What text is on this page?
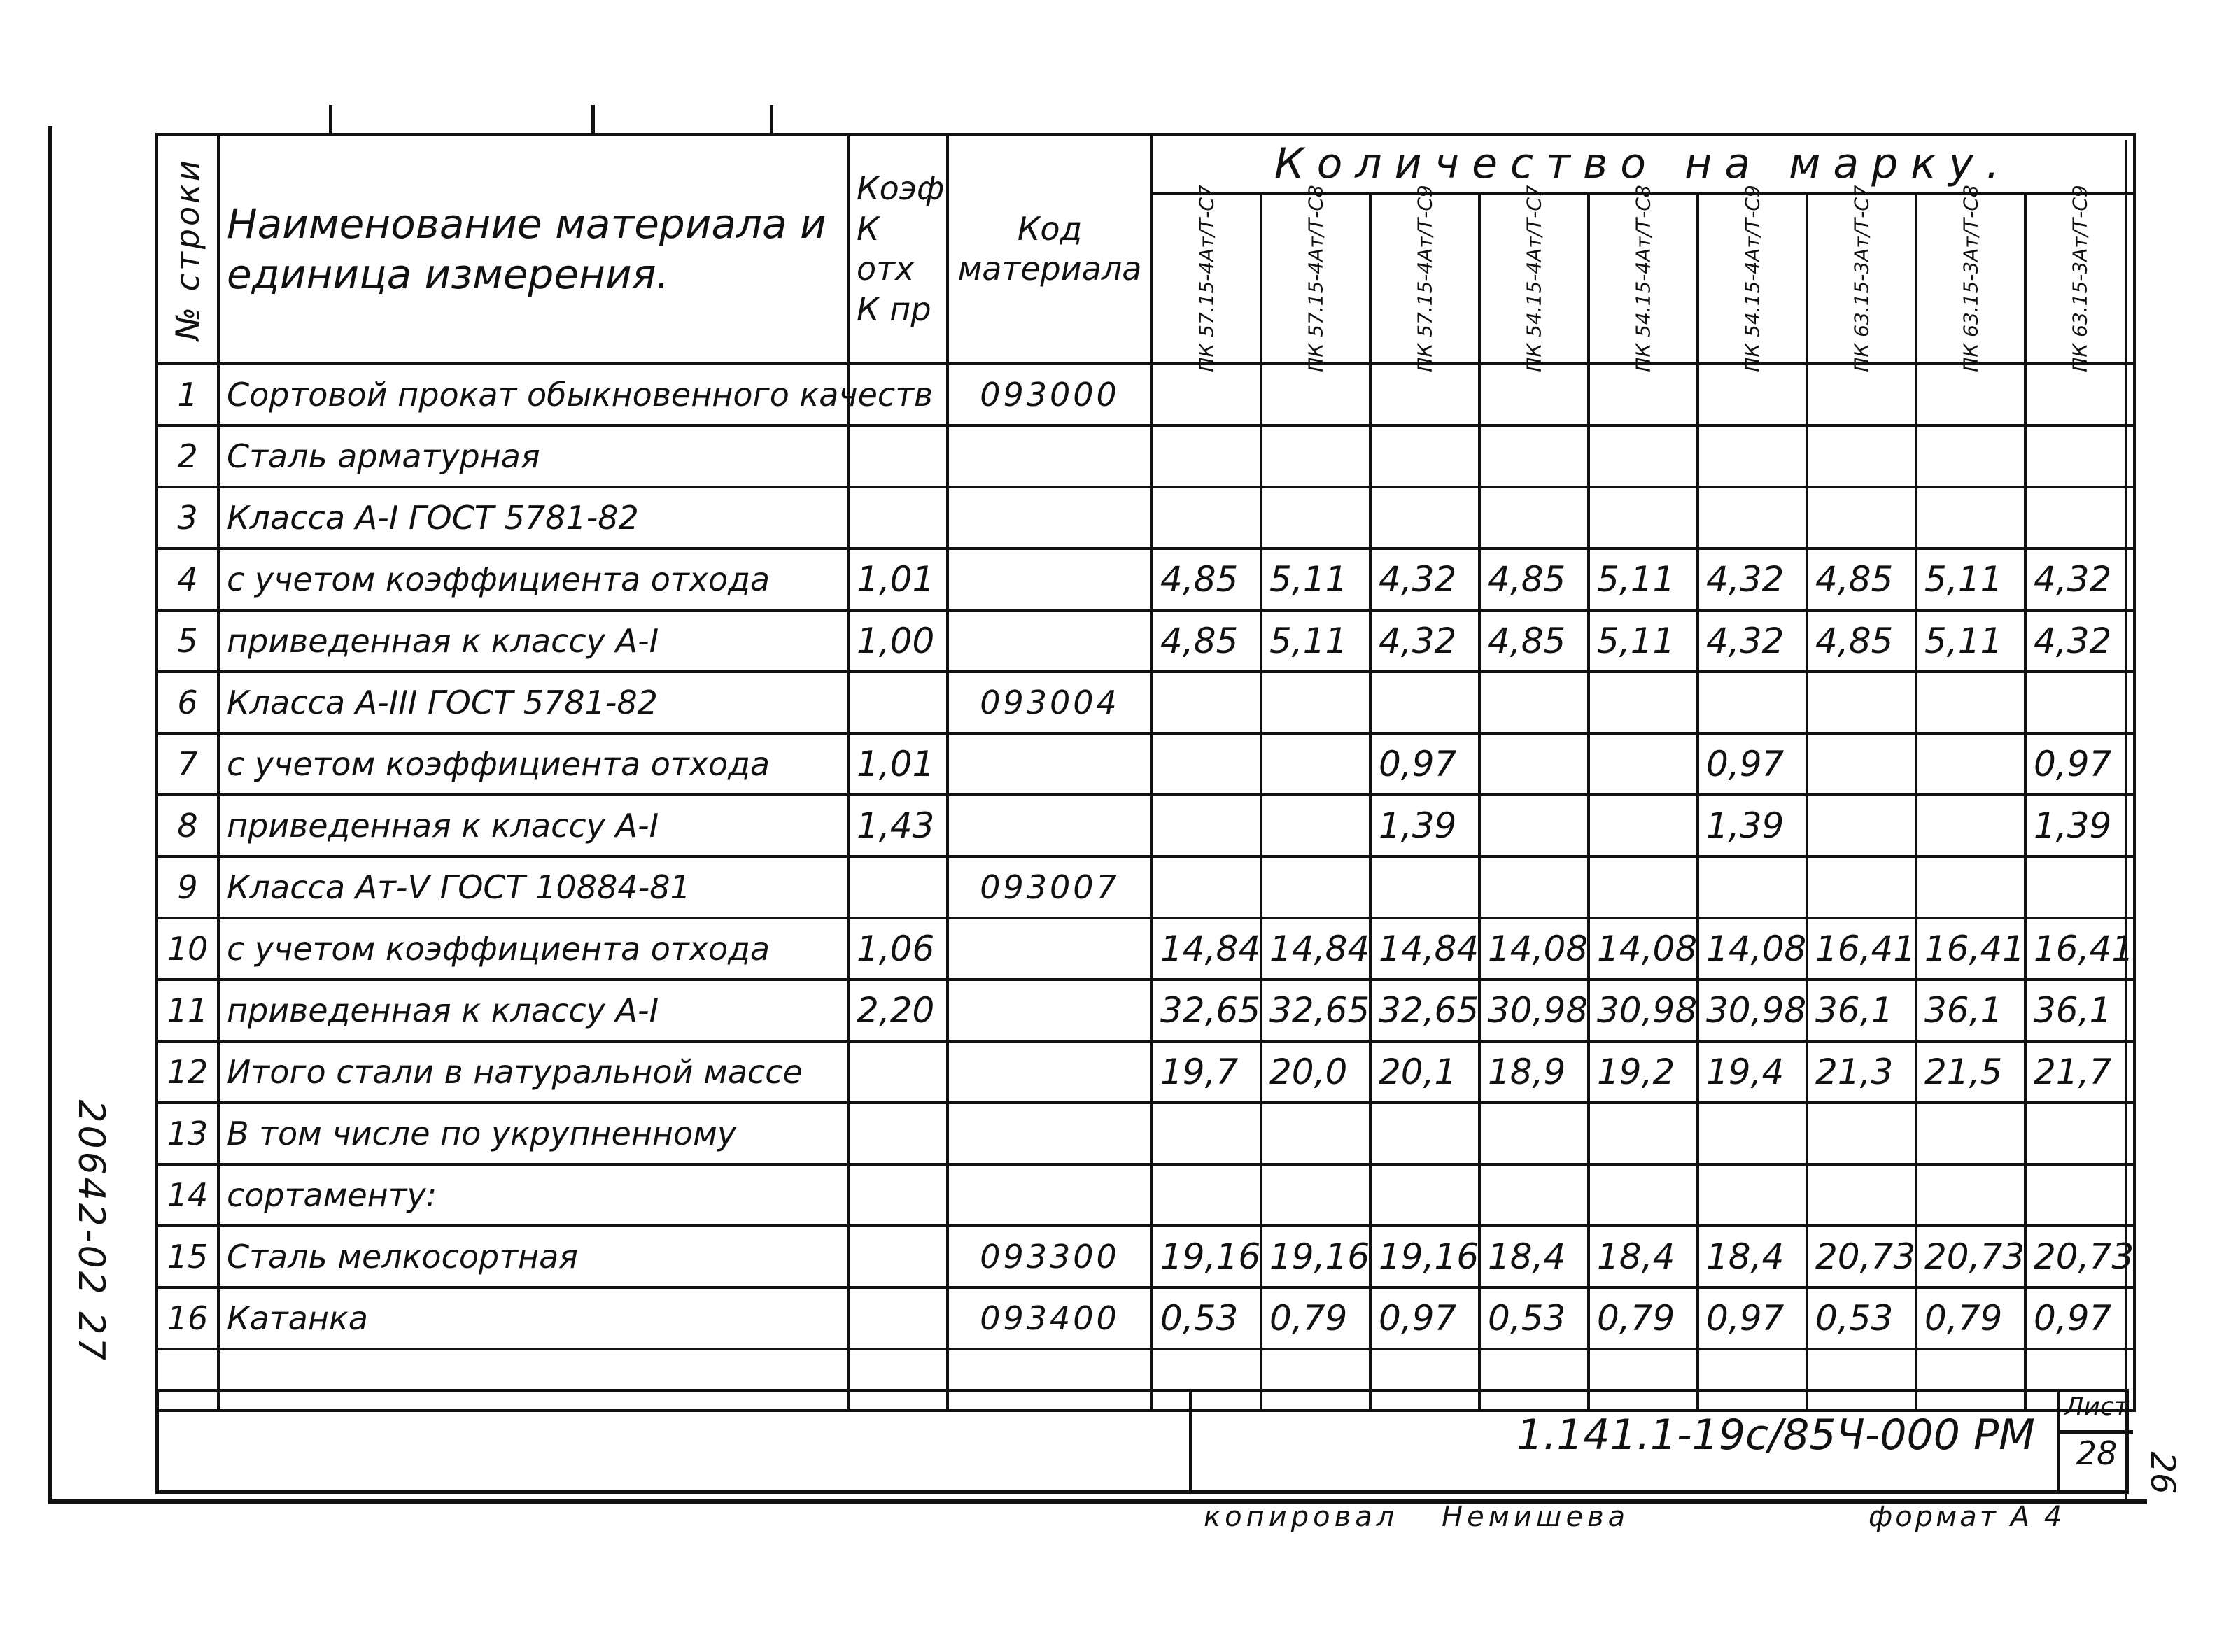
№ строки	Наименование материала и единица измерения.	Коэф К отх К пр	Код материала	Количество на марку.								

				ПК 57.15-4Aт/Т-С7	ПК 57.15-4Aт/Т-С8	ПК 57.15-4Aт/Т-С9	ПК 54.15-4Aт/Т-С7	ПК 54.15-4Aт/Т-С8	ПК 54.15-4Aт/Т-С9	ПК 63.15-3Aт/Т-С7	ПК 63.15-3Aт/Т-С8	ПК 63.15-3Aт/Т-С9

1	Сортовой прокат обыкновенного качеств		093000									
2	Сталь арматурная											
3	Класса А-I ГОСТ 5781-82											
4	с учетом коэффициента отхода	1,01		4,85	5,11	4,32	4,85	5,11	4,32	4,85	5,11	4,32
5	приведенная к классу А-I	1,00		4,85	5,11	4,32	4,85	5,11	4,32	4,85	5,11	4,32
6	Класса А-III ГОСТ 5781-82		093004									
7	с учетом коэффициента отхода	1,01				0,97			0,97			0,97
8	приведенная к классу А-I	1,43				1,39			1,39			1,39
9	Класса Ат-V ГОСТ 10884-81		093007									
10	с учетом коэффициента отхода	1,06		14,84	14,84	14,84	14,08	14,08	14,08	16,41	16,41	16,41
11	приведенная к классу А-I	2,20		32,65	32,65	32,65	30,98	30,98	30,98	36,1	36,1	36,1
12	Итого стали в натуральной массе			19,7	20,0	20,1	18,9	19,2	19,4	21,3	21,5	21,7
13	В том числе по укрупненному											
14	сортаменту:											
15	Сталь мелкосортная		093300	19,16	19,16	19,16	18,4	18,4	18,4	20,73	20,73	20,73
16	Катанка		093400	0,53	0,79	0,97	0,53	0,79	0,97	0,53	0,79	0,97

1.141.1-19с/85Ч-000 РМ
Лист
28
копировал Немишева	формат А 4
20642-02 27
26
